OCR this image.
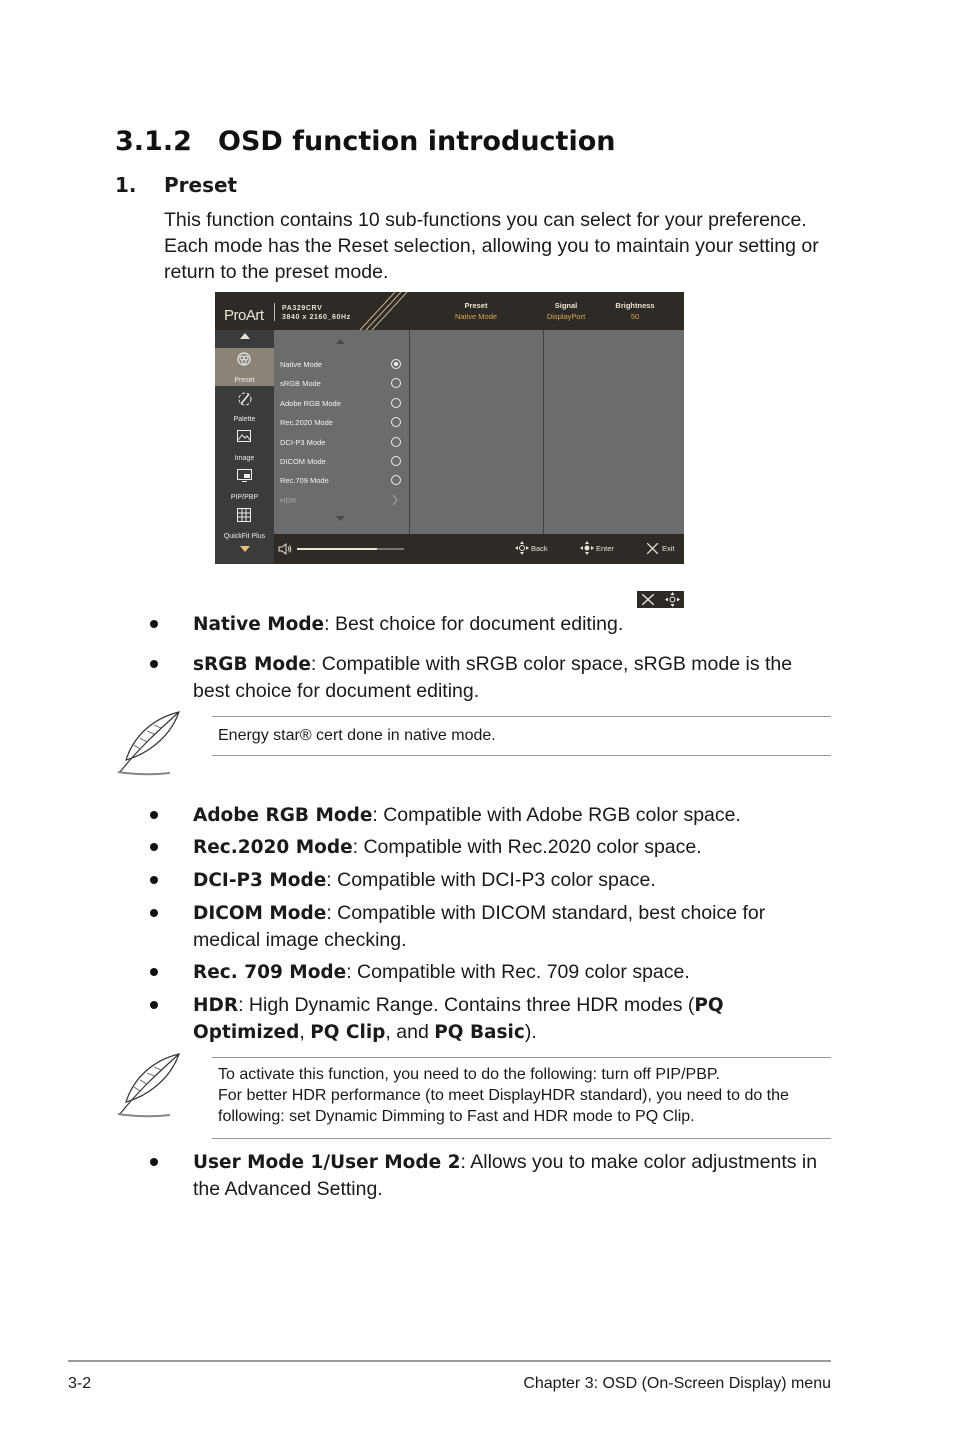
3.1.2 OSD function introduction
1. Preset
This function contains 10 sub-functions you can select for your preference. Each mode has the Reset selection, allowing you to maintain your setting or return to the preset mode.
ProArt	PA329CRV
3840 x 2160_60Hz
Preset
Native Mode
Signal
DisplayPort
Brightness
50
Preset
Palette
Image
PIP/PBP
QuickFit Plus
Native Mode
sRGB Mode
Adobe RGB Mode
Rec.2020 Mode
DCI-P3 Mode
DICOM Mode
Rec.709 Mode
HDR
Back	Enter	Exit
Native Mode: Best choice for document editing.
sRGB Mode: Compatible with sRGB color space, sRGB mode is the best choice for document editing.
Energy star® cert done in native mode.
Adobe RGB Mode: Compatible with Adobe RGB color space.
Rec.2020 Mode: Compatible with Rec.2020 color space.
DCI-P3 Mode: Compatible with DCI-P3 color space.
DICOM Mode: Compatible with DICOM standard, best choice for medical image checking.
Rec. 709 Mode: Compatible with Rec. 709 color space.
HDR: High Dynamic Range. Contains three HDR modes (PQ Optimized, PQ Clip, and PQ Basic).
To activate this function, you need to do the following: turn off PIP/PBP.
For better HDR performance (to meet DisplayHDR standard), you need to do the following: set Dynamic Dimming to Fast and HDR mode to PQ Clip.
User Mode 1/User Mode 2: Allows you to make color adjustments in the Advanced Setting.
3-2	Chapter 3: OSD (On-Screen Display) menu
